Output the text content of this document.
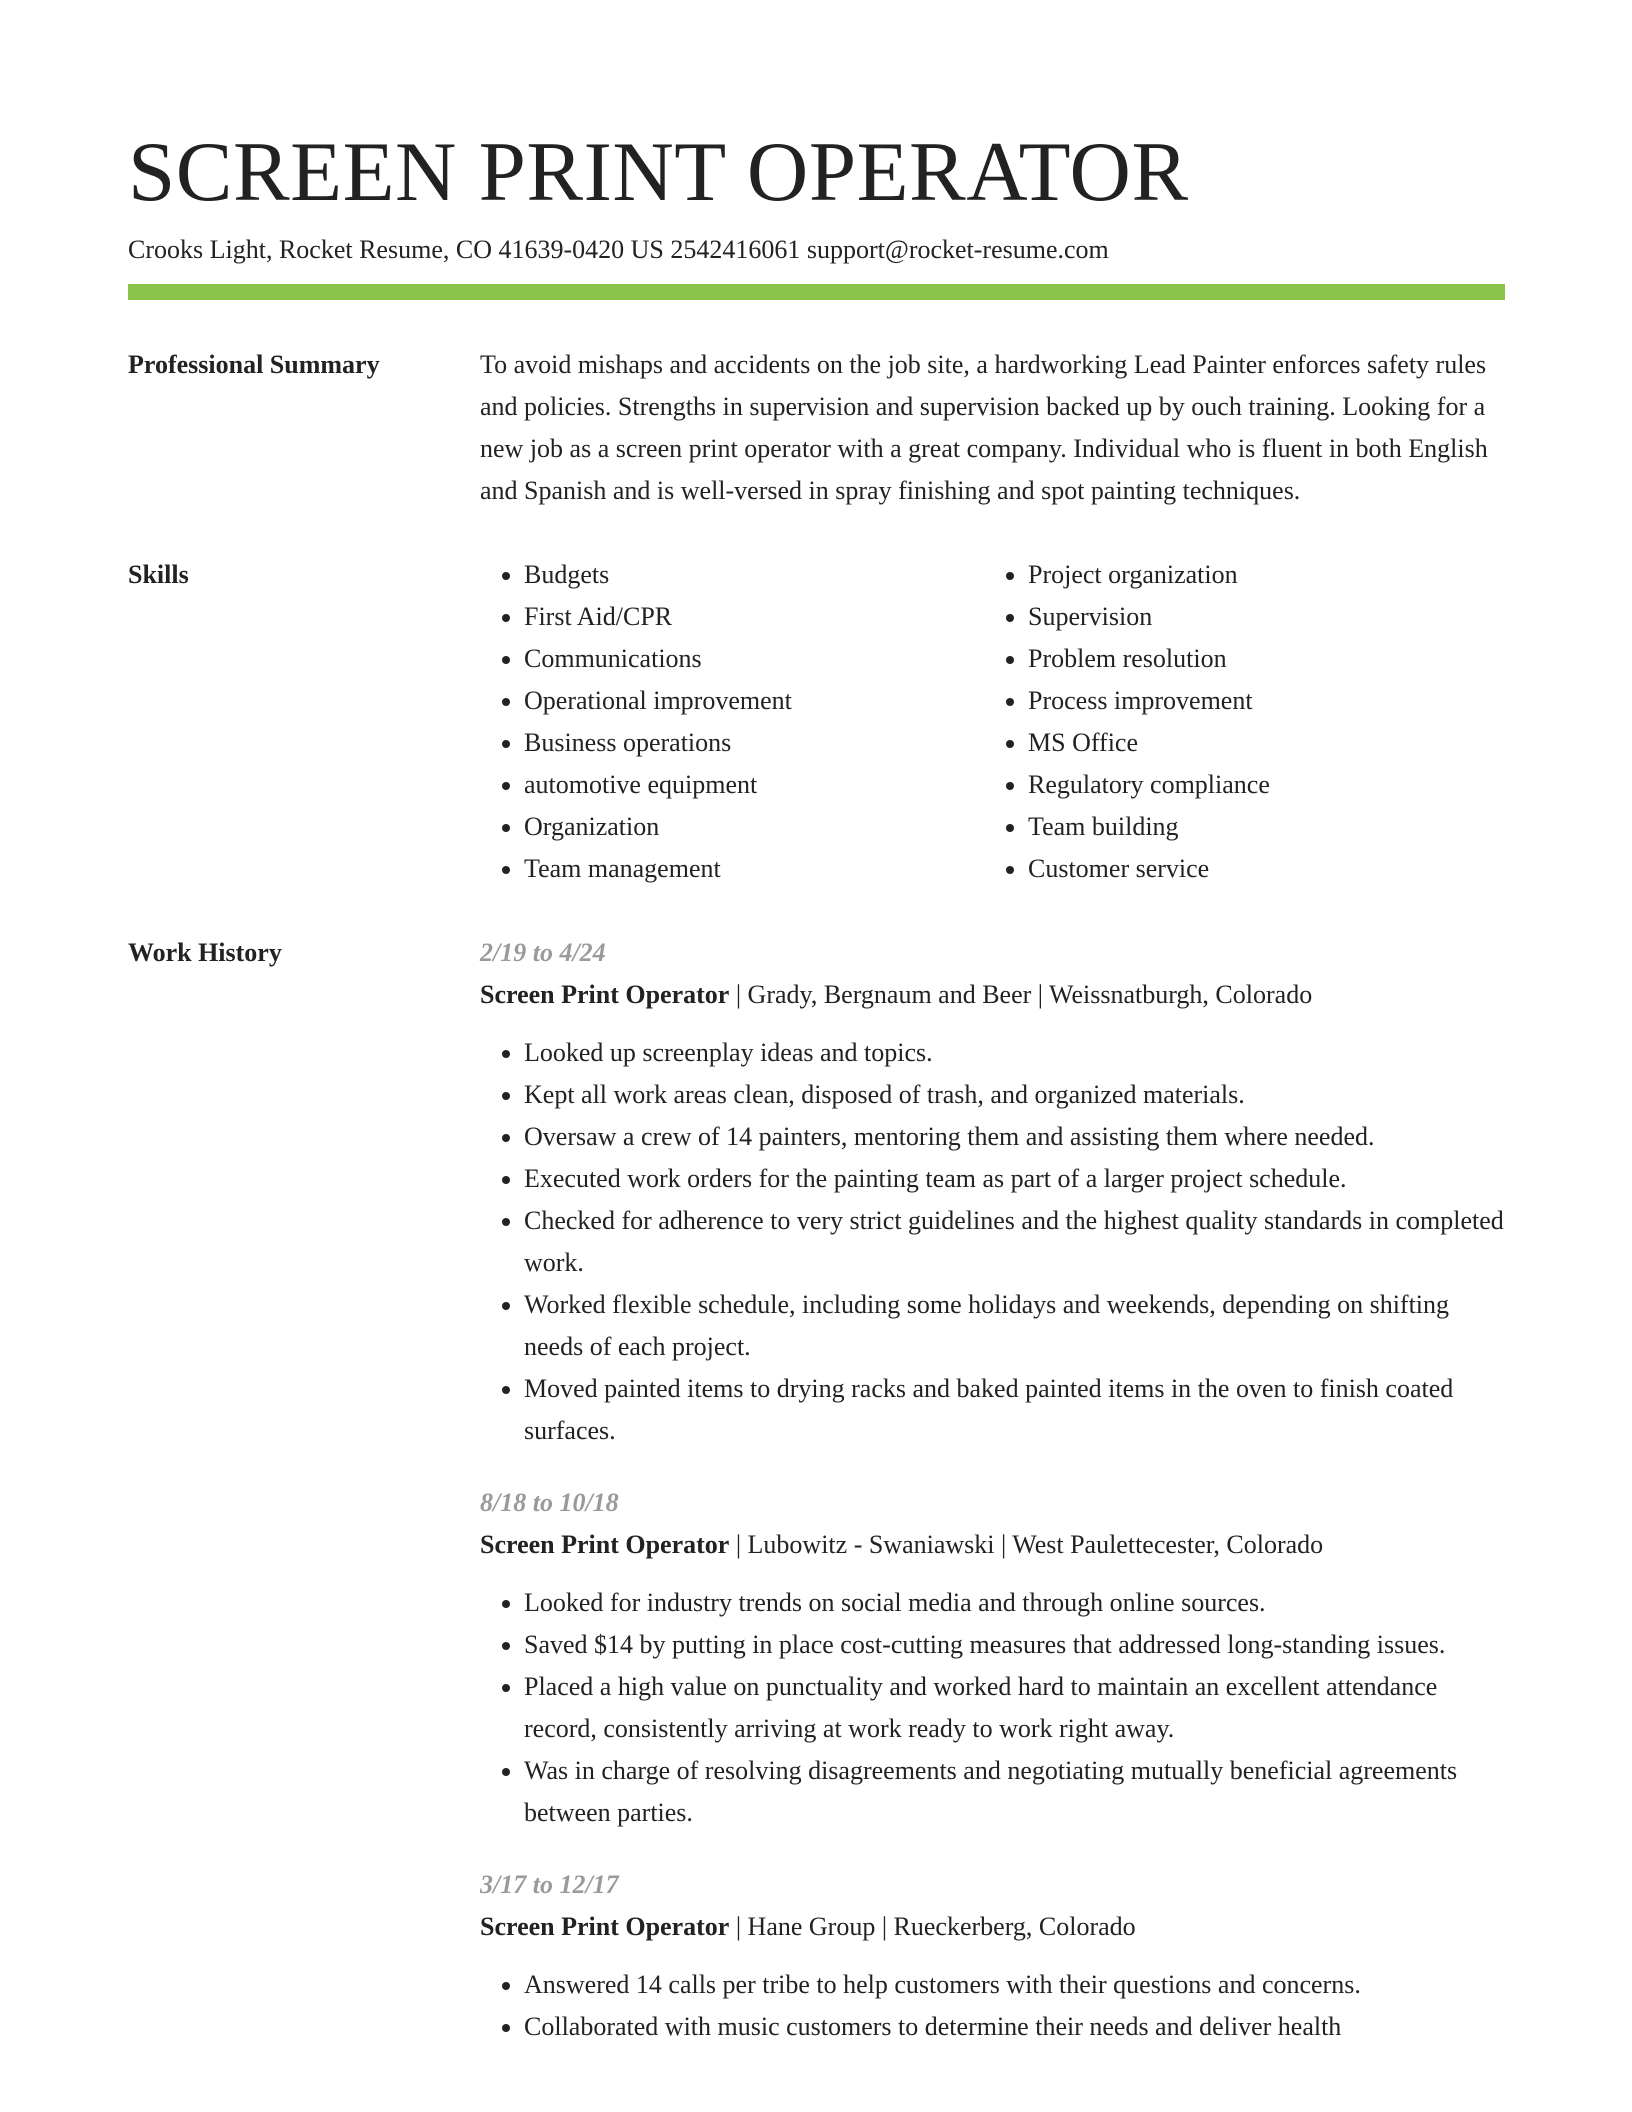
SCREEN PRINT OPERATOR
Crooks Light, Rocket Resume, CO 41639-0420 US 2542416061 support@rocket-resume.com
Professional Summary	To avoid mishaps and accidents on the job site, a hardworking Lead Painter enforces safety rules and policies. Strengths in supervision and supervision backed up by ouch training. Looking for a new job as a screen print operator with a great company. Individual who is fluent in both English and Spanish and is well-versed in spray finishing and spot painting techniques.

Skills
•	Budgets
• First Aid/CPR
• Communications
• Operational improvement
• Business operations
• automotive equipment
• Organization
• Team management
• Project organization
• Supervision
• Problem resolution
• Process improvement
• MS Office
• Regulatory compliance
• Team building
• Customer service
Work History	2/19 to 4/24
Screen Print Operator | Grady, Bergnaum and Beer | Weissnatburgh, Colorado
• Looked up screenplay ideas and topics.
• Kept all work areas clean, disposed of trash, and organized materials.
• Oversaw a crew of 14 painters, mentoring them and assisting them where needed.
• Executed work orders for the painting team as part of a larger project schedule.
• Checked for adherence to very strict guidelines and the highest quality standards in completed work.
• Worked flexible schedule, including some holidays and weekends, depending on shifting needs of each project.
• Moved painted items to drying racks and baked painted items in the oven to finish coated surfaces.
8/18 to 10/18
Screen Print Operator | Lubowitz - Swaniawski | West Paulettecester, Colorado
• Looked for industry trends on social media and through online sources.
• Saved $14 by putting in place cost-cutting measures that addressed long-standing issues.
• Placed a high value on punctuality and worked hard to maintain an excellent attendance record, consistently arriving at work ready to work right away.
• Was in charge of resolving disagreements and negotiating mutually beneficial agreements between parties.
3/17 to 12/17
Screen Print Operator | Hane Group | Rueckerberg, Colorado
• Answered 14 calls per tribe to help customers with their questions and concerns.
• Collaborated with music customers to determine their needs and deliver health
